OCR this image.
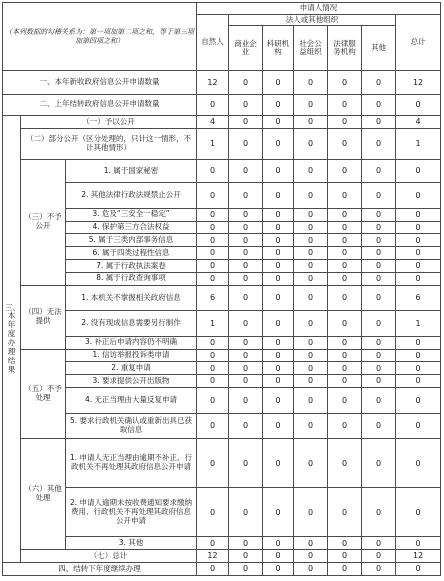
（本列数据的勾稽关系为：第一项加第二项之和，等于第三项加第四项之和）			申请人情况						
			自然人	法人或其他组织					总计
				商业企业	科研机构	社会公益组织	法律服务机构	其他	
一、本年新收政府信息公开申请数量			12	0	0	0	0	0	12
二、上年结转政府信息公开申请数量			0	0	0	0	0	0	0
三、本年度办理结果	（一）予以公开		4	0	0	0	0	0	4
	（二）部分公开（区分处理的，只计这一情形，不计其他情形）		1	0	0	0	0	0	1
	（三）不予公开	1. 属于国家秘密	0	0	0	0	0	0	0
		2. 其他法律行政法规禁止公开	0	0	0	0	0	0	0
		3. 危及“三安全一稳定”	0	0	0	0	0	0	0
		4. 保护第三方合法权益	0	0	0	0	0	0	0
		5. 属于三类内部事务信息	0	0	0	0	0	0	0
		6. 属于四类过程性信息	0	0	0	0	0	0	0
		7. 属于行政执法案卷	0	0	0	0	0	0	0
		8. 属于行政查询事项	0	0	0	0	0	0	0
	（四）无法提供	1. 本机关不掌握相关政府信息	6	0	0	0	0	0	6
		2. 没有现成信息需要另行制作	1	0	0	0	0	0	1
		3. 补正后申请内容仍不明确	0	0	0	0	0	0	0
	（五）不予处理	1. 信访举报投诉类申请	0	0	0	0	0	0	0
		2. 重复申请	0	0	0	0	0	0	0
		3. 要求提供公开出版物	0	0	0	0	0	0	0
		4. 无正当理由大量反复申请	0	0	0	0	0	0	0
		5. 要求行政机关确认或重新出具已获取信息	0	0	0	0	0	0	0
	（六）其他处理	1. 申请人无正当理由逾期不补正、行政机关不再处理其政府信息公开申请	0	0	0	0	0	0	0
		2. 申请人逾期未按收费通知要求缴纳费用、行政机关不再处理其政府信息公开申请	0	0	0	0	0	0	0
		3. 其他	0	0	0	0	0	0	0
	（七）总计		12	0	0	0	0	0	12
四、结转下年度继续办理			0	0	0	0	0	0	0
